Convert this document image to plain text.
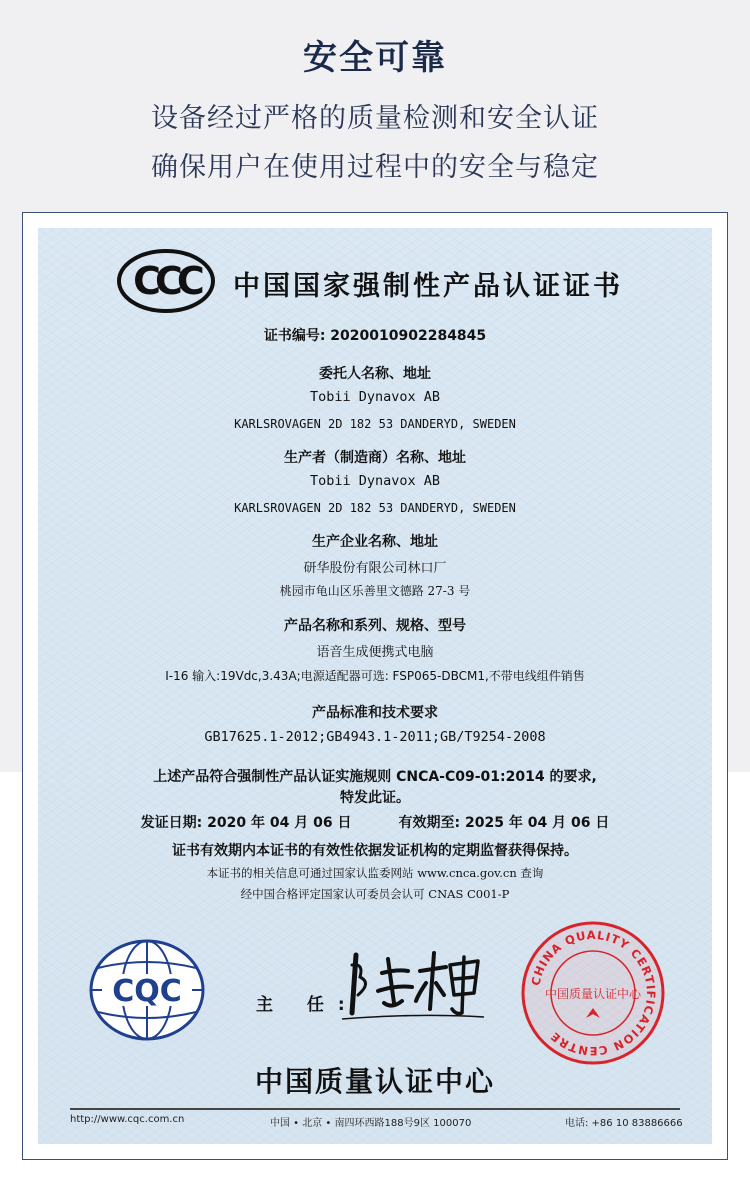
安全可靠
设备经过严格的质量检测和安全认证
确保用户在使用过程中的安全与稳定
CCC 中国国家强制性产品认证证书
证书编号: 2020010902284845
委托人名称、地址
Tobii Dynavox AB
KARLSROVAGEN 2D 182 53 DANDERYD, SWEDEN
生产者（制造商）名称、地址
Tobii Dynavox AB
KARLSROVAGEN 2D 182 53 DANDERYD, SWEDEN
生产企业名称、地址
研华股份有限公司林口厂
桃园市龟山区乐善里文德路 27-3 号
产品名称和系列、规格、型号
语音生成便携式电脑
I-16 输入:19Vdc,3.43A;电源适配器可选: FSP065-DBCM1,不带电线组件销售
产品标准和技术要求
GB17625.1-2012;GB4943.1-2011;GB/T9254-2008
上述产品符合强制性产品认证实施规则 CNCA-C09-01:2014 的要求,
特发此证。
发证日期: 2020 年 04 月 06 日	有效期至: 2025 年 04 月 06 日
证书有效期内本证书的有效性依据发证机构的定期监督获得保持。
本证书的相关信息可通过国家认监委网站 www.cnca.gov.cn 查询
经中国合格评定国家认可委员会认可 CNAS C001-P
CQC	主 任:
CHINA QUALITY CERTIFICATION CENTRE
中国质量认证中心
中国质量认证中心
http://www.cqc.com.cn	中国 • 北京 • 南四环西路188号9区 100070	电话: +86 10 83886666
